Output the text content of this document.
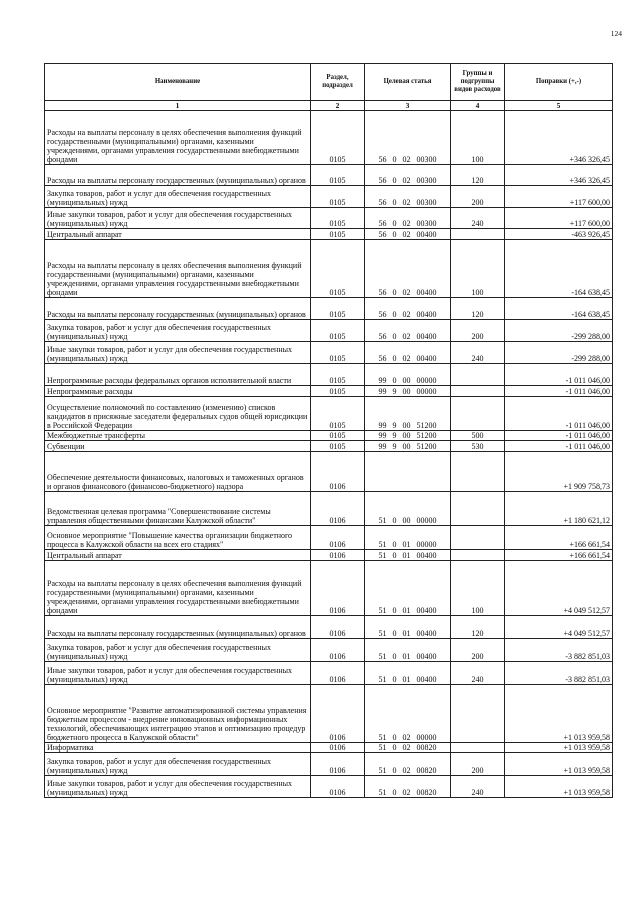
124
Наименование	Раздел, подраздел	Целевая статья	Группы и подгруппы видов расходов	Поправки (+,-)
1	2	3	4	5
Расходы на выплаты персоналу в целях обеспечения выполнения функций государственными (муниципальными) органами, казенными учреждениями, органами управления государственными внебюджетными фондами	0105	56 0 02 00300	100	+346 326,45
Расходы на выплаты персоналу государственных (муниципальных) органов	0105	56 0 02 00300	120	+346 326,45
Закупка товаров, работ и услуг для обеспечения государственных (муниципальных) нужд	0105	56 0 02 00300	200	+117 600,00
Иные закупки товаров, работ и услуг для обеспечения государственных (муниципальных) нужд	0105	56 0 02 00300	240	+117 600,00
Центральный аппарат	0105	56 0 02 00400		-463 926,45
Расходы на выплаты персоналу в целях обеспечения выполнения функций государственными (муниципальными) органами, казенными учреждениями, органами управления государственными внебюджетными фондами	0105	56 0 02 00400	100	-164 638,45
Расходы на выплаты персоналу государственных (муниципальных) органов	0105	56 0 02 00400	120	-164 638,45
Закупка товаров, работ и услуг для обеспечения государственных (муниципальных) нужд	0105	56 0 02 00400	200	-299 288,00
Иные закупки товаров, работ и услуг для обеспечения государственных (муниципальных) нужд	0105	56 0 02 00400	240	-299 288,00
Непрограммные расходы федеральных органов исполнительной власти	0105	99 0 00 00000		-1 011 046,00
Непрограммные расходы	0105	99 9 00 00000		-1 011 046,00
Осуществление полномочий по составлению (изменению) списков кандидатов в присяжные заседатели федеральных судов общей юрисдикции в Российской Федерации	0105	99 9 00 51200		-1 011 046,00
Межбюджетные трансферты	0105	99 9 00 51200	500	-1 011 046,00
Субвенции	0105	99 9 00 51200	530	-1 011 046,00
Обеспечение деятельности финансовых, налоговых и таможенных органов и органов финансового (финансово-бюджетного) надзора	0106			+1 909 758,73
Ведомственная целевая программа "Совершенствование системы управления общественными финансами Калужской области"	0106	51 0 00 00000		+1 180 621,12
Основное мероприятие "Повышение качества организации бюджетного процесса в Калужской области на всех его стадиях"	0106	51 0 01 00000		+166 661,54
Центральный аппарат	0106	51 0 01 00400		+166 661,54
Расходы на выплаты персоналу в целях обеспечения выполнения функций государственными (муниципальными) органами, казенными учреждениями, органами управления государственными внебюджетными фондами	0106	51 0 01 00400	100	+4 049 512,57
Расходы на выплаты персоналу государственных (муниципальных) органов	0106	51 0 01 00400	120	+4 049 512,57
Закупка товаров, работ и услуг для обеспечения государственных (муниципальных) нужд	0106	51 0 01 00400	200	-3 882 851,03
Иные закупки товаров, работ и услуг для обеспечения государственных (муниципальных) нужд	0106	51 0 01 00400	240	-3 882 851,03
Основное мероприятие "Развитие автоматизированной системы управления бюджетным процессом - внедрение инновационных информационных технологий, обеспечивающих интеграцию этапов и оптимизацию процедур бюджетного процесса в Калужской области"	0106	51 0 02 00000		+1 013 959,58
Информатика	0106	51 0 02 00820		+1 013 959,58
Закупка товаров, работ и услуг для обеспечения государственных (муниципальных) нужд	0106	51 0 02 00820	200	+1 013 959,58
Иные закупки товаров, работ и услуг для обеспечения государственных (муниципальных) нужд	0106	51 0 02 00820	240	+1 013 959,58
